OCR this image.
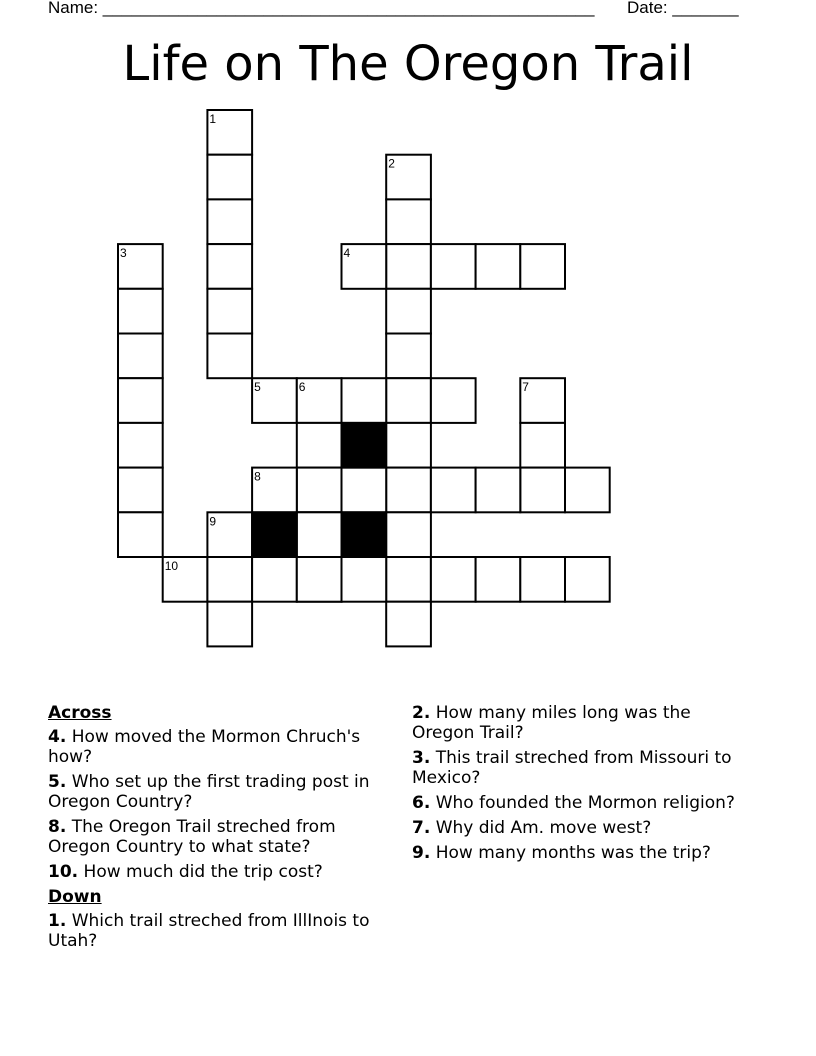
Name: ____________________________________________________ Date: _______
Life on The Oregon Trail
1
2
3	4
5	6	7
8
9
10
Across
4. How moved the Mormon Chruch's how?
5. Who set up the first trading post in Oregon Country?
8. The Oregon Trail streched from Oregon Country to what state?
10. How much did the trip cost?
Down
1. Which trail streched from IllInois to Utah?
2. How many miles long was the Oregon Trail?
3. This trail streched from Missouri to Mexico?
6. Who founded the Mormon religion?
7. Why did Am. move west?
9. How many months was the trip?
